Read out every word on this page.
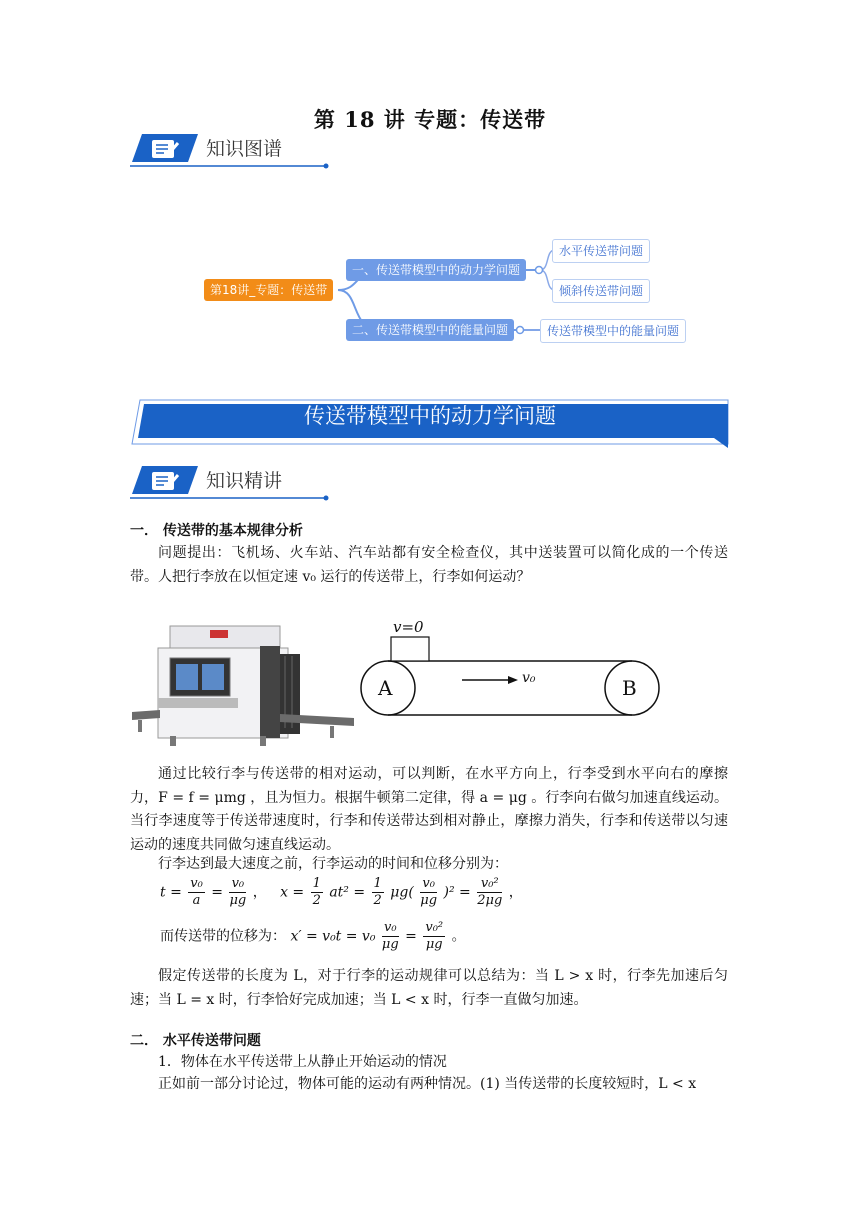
第 18 讲 专题：传送带
知识图谱
第18讲_专题：传送带
一、传送带模型中的动力学问题
二、传送带模型中的能量问题
水平传送带问题
倾斜传送带问题
传送带模型中的能量问题
传送带模型中的动力学问题
知识精讲
一． 传送带的基本规律分析
问题提出：飞机场、火车站、汽车站都有安全检查仪，其中送装置可以简化成的一个传送带。人把行李放在以恒定速 v₀ 运行的传送带上，行李如何运动？
v=0
A	B
v₀
通过比较行李与传送带的相对运动，可以判断，在水平方向上，行李受到水平向右的摩擦力，F = f = μmg ，且为恒力。根据牛顿第二定律，得 a = μg 。行李向右做匀加速直线运动。当行李速度等于传送带速度时，行李和传送带达到相对静止，摩擦力消失，行李和传送带以匀速运动的速度共同做匀速直线运动。
行李达到最大速度之前，行李运动的时间和位移分别为：
$t = \frac{\text{v₀}}{a} = \frac{\text{v₀}}{\mu g}$ ， $x = \frac{1}{2} at^2 = \frac{1}{2} \mu g( \frac{\text{v₀}}{\mu g} )^2 = \frac{\text{v₀²}}{2\mu g}$ ，
而传送带的位移为： $x' = v_0t = v_0 \frac{\text{v₀}}{\mu g} = \frac{\text{v₀²}}{\mu g}$ 。
假定传送带的长度为 L，对于行李的运动规律可以总结为：当 L > x 时，行李先加速后匀速；当 L = x 时，行李恰好完成加速；当 L < x 时，行李一直做匀加速。
二． 水平传送带问题
1．物体在水平传送带上从静止开始运动的情况
正如前一部分讨论过，物体可能的运动有两种情况。(1) 当传送带的长度较短时，L < x
